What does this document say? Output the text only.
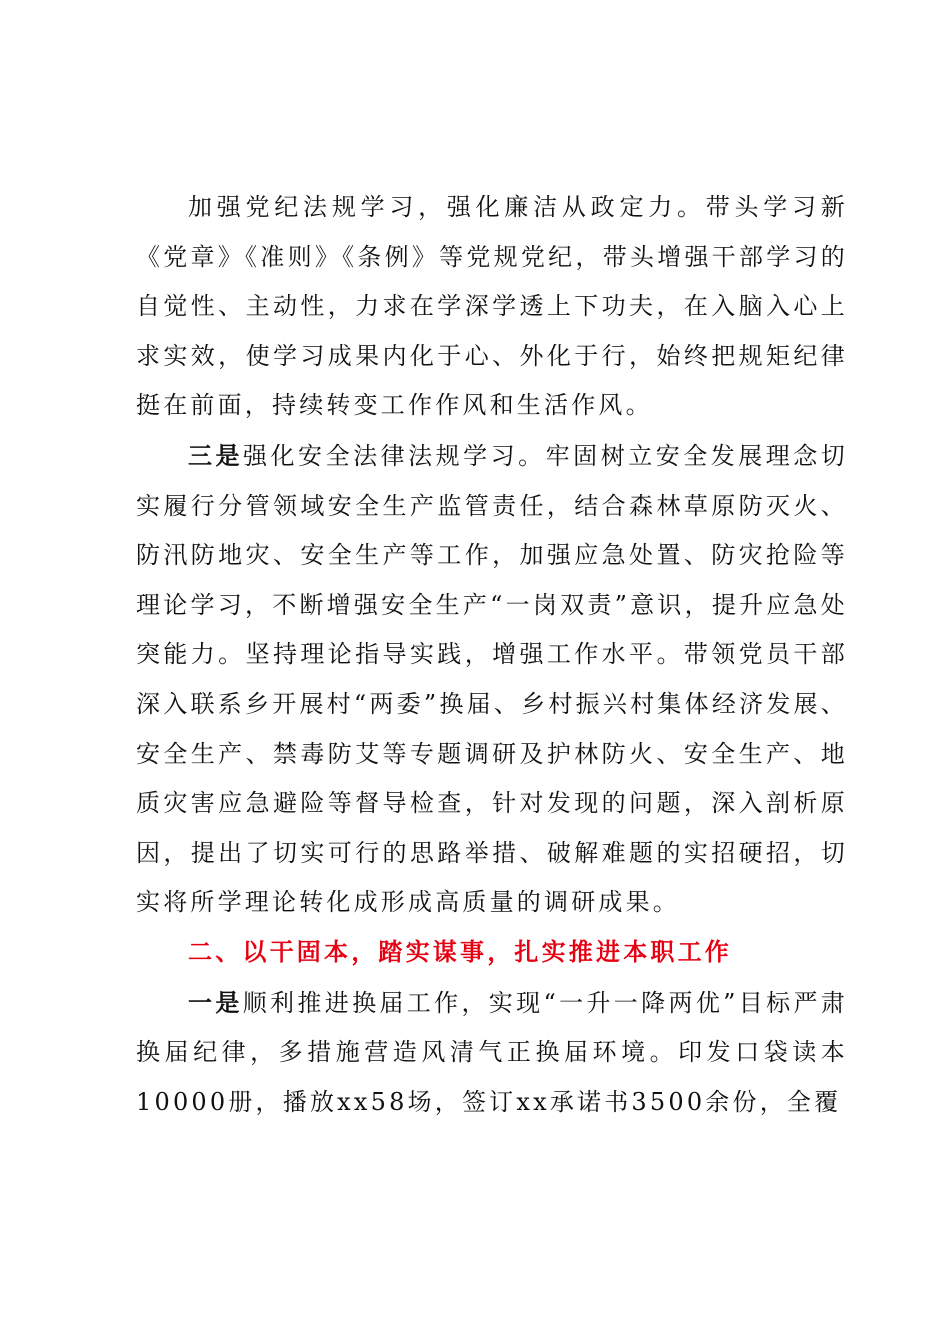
加强党纪法规学习，强化廉洁从政定力。带头学习新《党章》《准则》《条例》等党规党纪，带头增强干部学习的自觉性、主动性，力求在学深学透上下功夫，在入脑入心上求实效，使学习成果内化于心、外化于行，始终把规矩纪律挺在前面，持续转变工作作风和生活作风。

三是强化安全法律法规学习。牢固树立安全发展理念切实履行分管领域安全生产监管责任，结合森林草原防灭火、防汛防地灾、安全生产等工作，加强应急处置、防灾抢险等理论学习，不断增强安全生产“一岗双责”意识，提升应急处突能力。坚持理论指导实践，增强工作水平。带领党员干部深入联系乡开展村“两委”换届、乡村振兴村集体经济发展、安全生产、禁毒防艾等专题调研及护林防火、安全生产、地质灾害应急避险等督导检查，针对发现的问题，深入剖析原因，提出了切实可行的思路举措、破解难题的实招硬招，切实将所学理论转化成形成高质量的调研成果。

二、以干固本，踏实谋事，扎实推进本职工作

一是顺利推进换届工作，实现“一升一降两优”目标严肃换届纪律，多措施营造风清气正换届环境。印发口袋读本10000册，播放xx58场，签订xx承诺书3500余份，全覆
